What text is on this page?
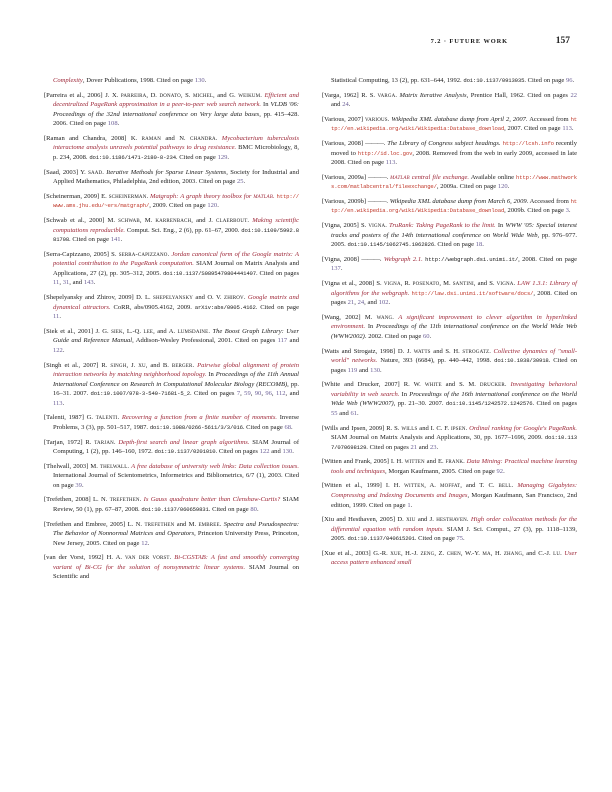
7.2 · FUTURE WORK	157

Complexity, Dover Publications, 1998. Cited on page 130.

[Parreira et al., 2006] J. X. parreira, D. donato, S. michel, and G. weikum. Efficient and decentralized PageRank approximation in a peer-to-peer web search network. In VLDB '06: Proceedings of the 32nd international conference on Very large data bases, pp. 415–428. 2006. Cited on page 108.

[Raman and Chandra, 2008] K. raman and N. chandra. Mycobacterium tuberculosis interactome analysis unravels potential pathways to drug resistance. BMC Microbiology, 8, p. 234, 2008. doi:10.1186/1471-2180-8-234. Cited on page 129.

[Saad, 2003] Y. saad. Iterative Methods for Sparse Linear Systems, Society for Industrial and Applied Mathematics, Philadelphia, 2nd edition, 2003. Cited on page 25.

[Scheinerman, 2009] E. scheinerman. Matgraph: A graph theory toolbox for matlab. http://www.ams.jhu.edu/~ers/matgraph/, 2009. Cited on page 120.

[Schwab et al., 2000] M. schwab, M. karrenbach, and J. claerbout. Making scientific computations reproducible. Comput. Sci. Eng., 2 (6), pp. 61–67, 2000. doi:10.1109/5992.881708. Cited on page 141.

[Serra-Capizzano, 2005] S. serra-capizzano. Jordan canonical form of the Google matrix: A potential contribution to the PageRank computation. SIAM Journal on Matrix Analysis and Applications, 27 (2), pp. 305–312, 2005. doi:10.1137/S0895479804441407. Cited on pages 11, 31, and 143.

[Shepelyansky and Zhirov, 2009] D. L. shepelyansky and O. V. zhirov. Google matrix and dynamical attractors. CoRR, abs/0905.4162, 2009. arXiv:abs/0905.4162. Cited on page 11.

[Siek et al., 2001] J. G. siek, L.-Q. lee, and A. lumsdaine. The Boost Graph Library: User Guide and Reference Manual, Addison-Wesley Professional, 2001. Cited on pages 117 and 122.

[Singh et al., 2007] R. singh, J. xu, and B. berger. Pairwise global alignment of protein interaction networks by matching neighborhood topology. In Proceedings of the 11th Annual International Conference on Research in Computational Molecular Biology (RECOMB), pp. 16–31. 2007. doi:10.1007/978-3-540-71681-5_2. Cited on pages 7, 59, 90, 96, 112, and 113.

[Talenti, 1987] G. talenti. Recovering a function from a finite number of moments. Inverse Problems, 3 (3), pp. 501–517, 1987. doi:10.1088/0266-5611/3/3/016. Cited on page 68.

[Tarjan, 1972] R. tarjan. Depth-first search and linear graph algorithms. SIAM Journal of Computing, 1 (2), pp. 146–160, 1972. doi:10.1137/0201010. Cited on pages 122 and 130.

[Thelwall, 2003] M. thelwall. A free database of university web links: Data collection issues. International Journal of Scientometrics, Informetrics and Bibliometrics, 6/7 (1), 2003. Cited on page 39.

[Trefethen, 2008] L. N. trefethen. Is Gauss quadrature better than Clenshaw-Curtis? SIAM Review, 50 (1), pp. 67–87, 2008. doi:10.1137/060659831. Cited on page 80.

[Trefethen and Embree, 2005] L. N. trefethen and M. embree. Spectra and Pseudospectra: The Behavior of Nonnormal Matrices and Operators, Princeton University Press, Princeton, New Jersey, 2005. Cited on page 12.

[van der Vorst, 1992] H. A. van der vorst. Bi-CGSTAB: A fast and smoothly converging variant of Bi-CG for the solution of nonsymmetric linear systems. SIAM Journal on Scientific and

Statistical Computing, 13 (2), pp. 631–644, 1992. doi:10.1137/0913035. Cited on page 96.

[Varga, 1962] R. S. varga. Matrix Iterative Analysis, Prentice Hall, 1962. Cited on pages 22 and 24.

[Various, 2007] various. Wikipedia XML database dump from April 2, 2007. Accessed from http://en.wikipedia.org/wiki/Wikipedia:Database_download, 2007. Cited on page 113.

[Various, 2008] ———. The Library of Congress subject headings. http://lcsh.info recently moved to http://id.loc.gov, 2008. Removed from the web in early 2009, accessed in late 2008. Cited on page 113.

[Various, 2009a] ———. matlab central file exchange. Available online http://www.mathworks.com/matlabcentral/fileexchange/, 2009a. Cited on page 120.

[Various, 2009b] ———. Wikipedia XML database dump from March 6, 2009. Accessed from http://en.wikipedia.org/wiki/Wikipedia:Database_download, 2009b. Cited on page 3.

[Vigna, 2005] S. vigna. TruRank: Taking PageRank to the limit. In WWW '05: Special interest tracks and posters of the 14th international conference on World Wide Web, pp. 976–977. 2005. doi:10.1145/1062745.1062826. Cited on page 18.

[Vigna, 2008] ———. Webgraph 2.1. http://webgraph.dsi.unimi.it/, 2008. Cited on page 137.

[Vigna et al., 2008] S. vigna, R. posenato, M. santini, and S. vigna. LAW 1.3.1: Library of algorithms for the webgraph. http://law.dsi.unimi.it/software/docs/, 2008. Cited on pages 21, 24, and 102.

[Wang, 2002] M. wang. A significant improvement to clever algorithm in hyperlinked environment. In Proceedings of the 11th international conference on the World Wide Web (WWW2002). 2002. Cited on page 60.

[Watts and Strogatz, 1998] D. J. watts and S. H. strogatz. Collective dynamics of "small-world" networks. Nature, 393 (6684), pp. 440–442, 1998. doi:10.1038/30918. Cited on pages 119 and 130.

[White and Drucker, 2007] R. W. white and S. M. drucker. Investigating behavioral variability in web search. In Proceedings of the 16th international conference on the World Wide Web (WWW2007), pp. 21–30. 2007. doi:10.1145/1242572.1242576. Cited on pages 55 and 61.

[Wills and Ipsen, 2009] R. S. wills and I. C. F. ipsen. Ordinal ranking for Google's PageRank. SIAM Journal on Matrix Analysis and Applications, 30, pp. 1677–1696, 2009. doi:10.1137/070698129. Cited on pages 21 and 23.

[Witten and Frank, 2005] I. H. witten and E. frank. Data Mining: Practical machine learning tools and techniques, Morgan Kaufmann, 2005. Cited on page 92.

[Witten et al., 1999] I. H. witten, A. moffat, and T. C. bell. Managing Gigabytes: Compressing and Indexing Documents and Images, Morgan Kaufmann, San Francisco, 2nd edition, 1999. Cited on page 1.

[Xiu and Hesthaven, 2005] D. xiu and J. hesthaven. High order collocation methods for the differential equation with random inputs. SIAM J. Sci. Comput., 27 (3), pp. 1118–1139, 2005. doi:10.1137/040615201. Cited on page 75.

[Xue et al., 2003] G.-R. xue, H.-J. zeng, Z. chen, W.-Y. ma, H. zhang, and C.-J. lu. User access pattern enhanced small
